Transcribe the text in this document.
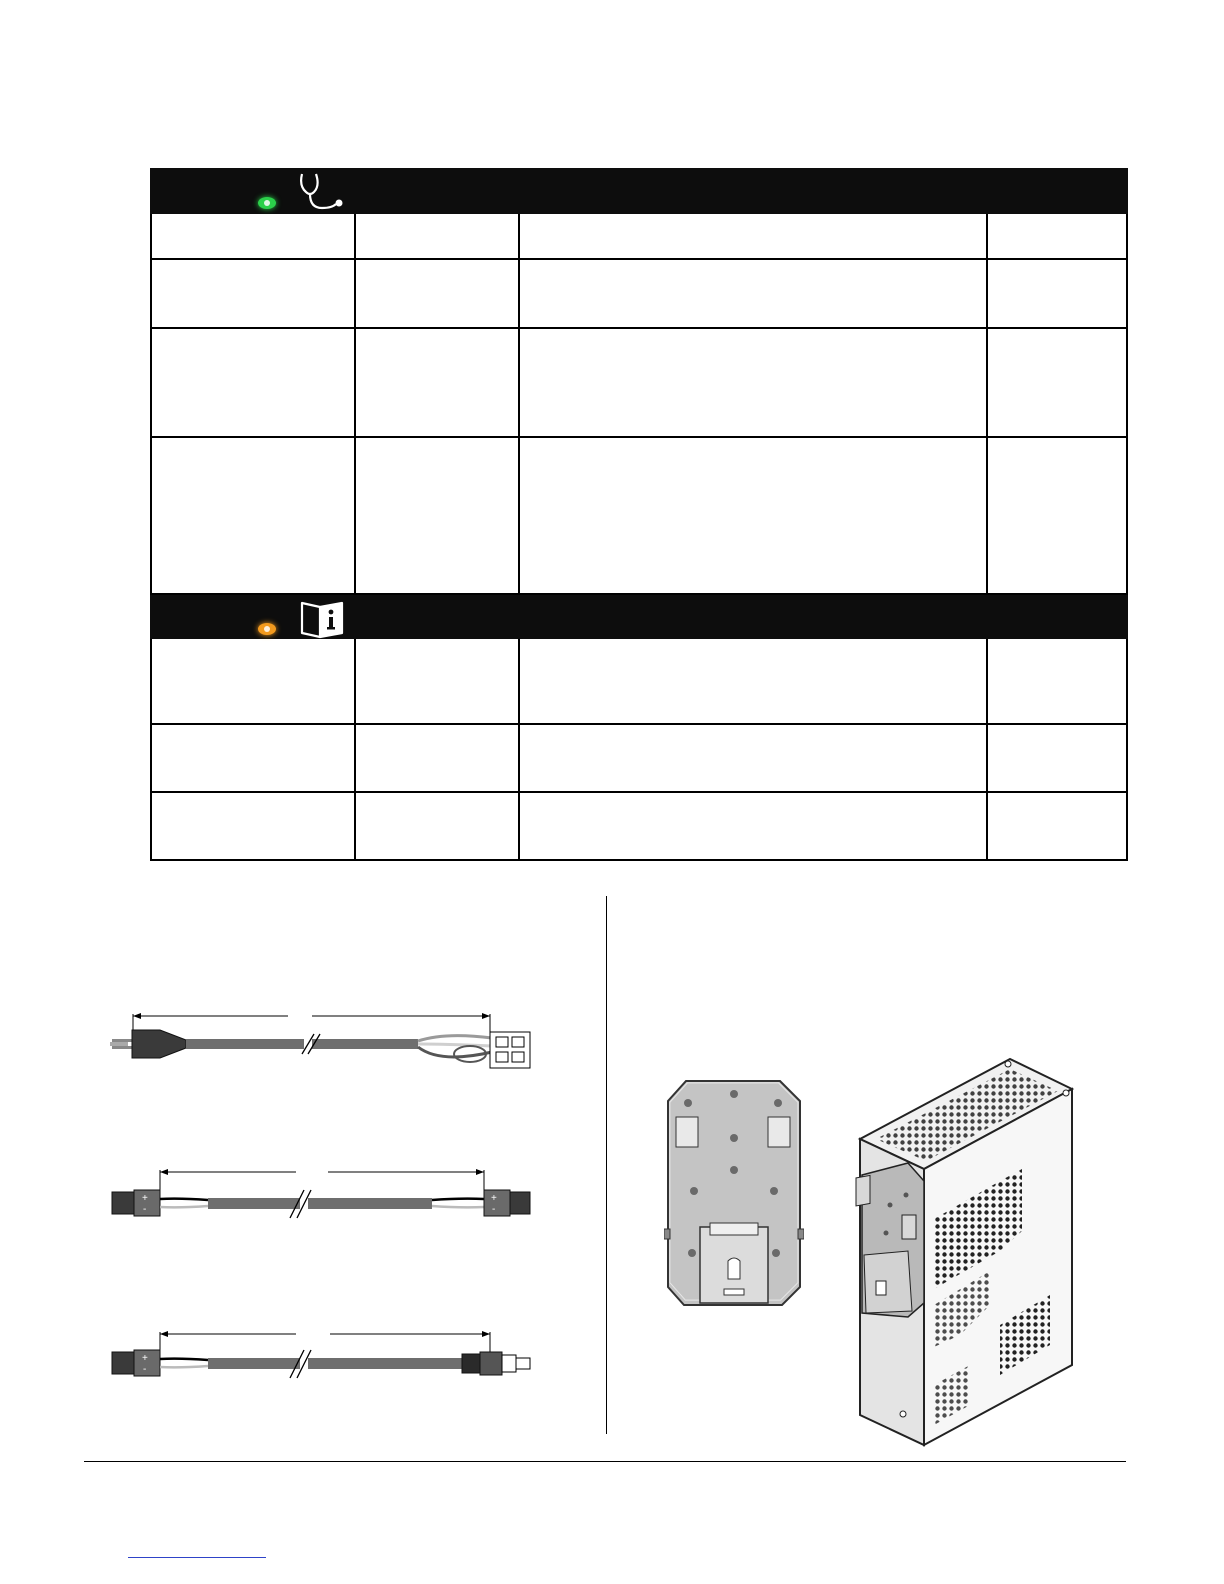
+
-
+
-
+
-
